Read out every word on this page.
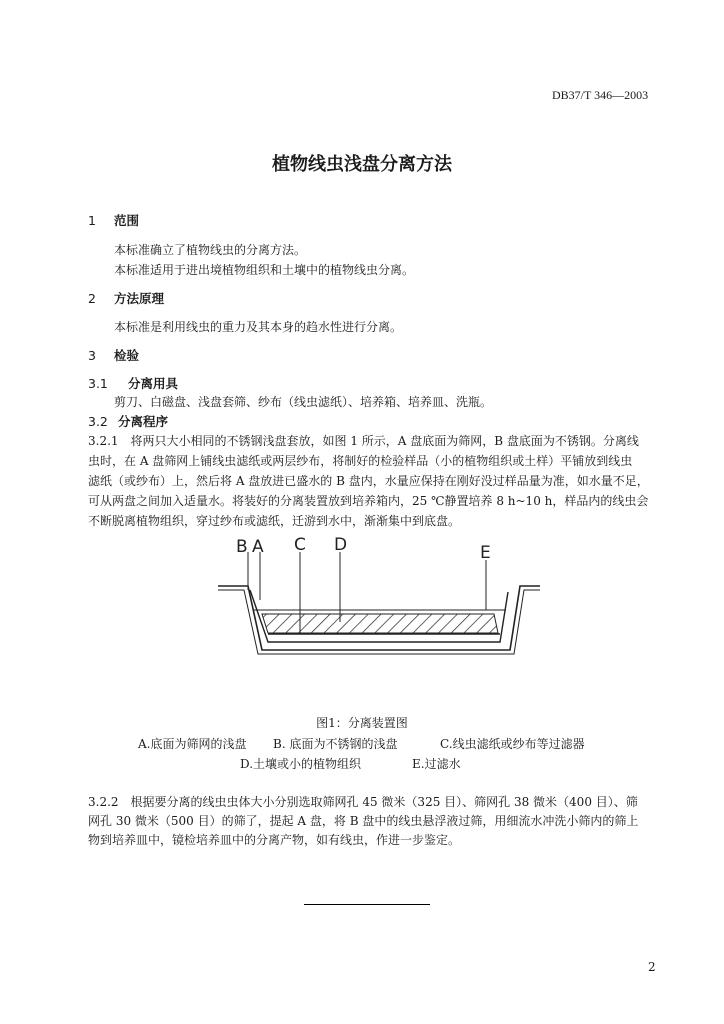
DB37/T 346—2003
植物线虫浅盘分离方法
1 范围
本标准确立了植物线虫的分离方法。
本标准适用于进出境植物组织和土壤中的植物线虫分离。
2 方法原理
本标准是利用线虫的重力及其本身的趋水性进行分离。
3 检验
3.1 分离用具
剪刀、白磁盘、浅盘套筛、纱布（线虫滤纸）、培养箱、培养皿、洗瓶。
3.2 分离程序
3.2.1　将两只大小相同的不锈钢浅盘套放，如图 1 所示，A 盘底面为筛网，B 盘底面为不锈钢。分离线
虫时，在 A 盘筛网上铺线虫滤纸或两层纱布，将制好的检验样品（小的植物组织或土样）平铺放到线虫
滤纸（或纱布）上，然后将 A 盘放进已盛水的 B 盘内，水量应保持在刚好没过样品量为准，如水量不足，
可从两盘之间加入适量水。将装好的分离装置放到培养箱内，25 ℃静置培养 8 h~10 h，样品内的线虫会
不断脱离植物组织，穿过纱布或滤纸，迁游到水中，渐渐集中到底盘。
B A C D	E
图1：分离装置图
A.底面为筛网的浅盘 B. 底面为不锈钢的浅盘	C.线虫滤纸或纱布等过滤器
D.土壤或小的植物组织	E.过滤水
3.2.2　根据要分离的线虫虫体大小分别选取筛网孔 45 微米（325 目）、筛网孔 38 微米（400 目）、筛
网孔 30 微米（500 目）的筛了，提起 A 盘，将 B 盘中的线虫悬浮液过筛，用细流水冲洗小筛内的筛上
物到培养皿中，镜检培养皿中的分离产物，如有线虫，作进一步鉴定。
2
